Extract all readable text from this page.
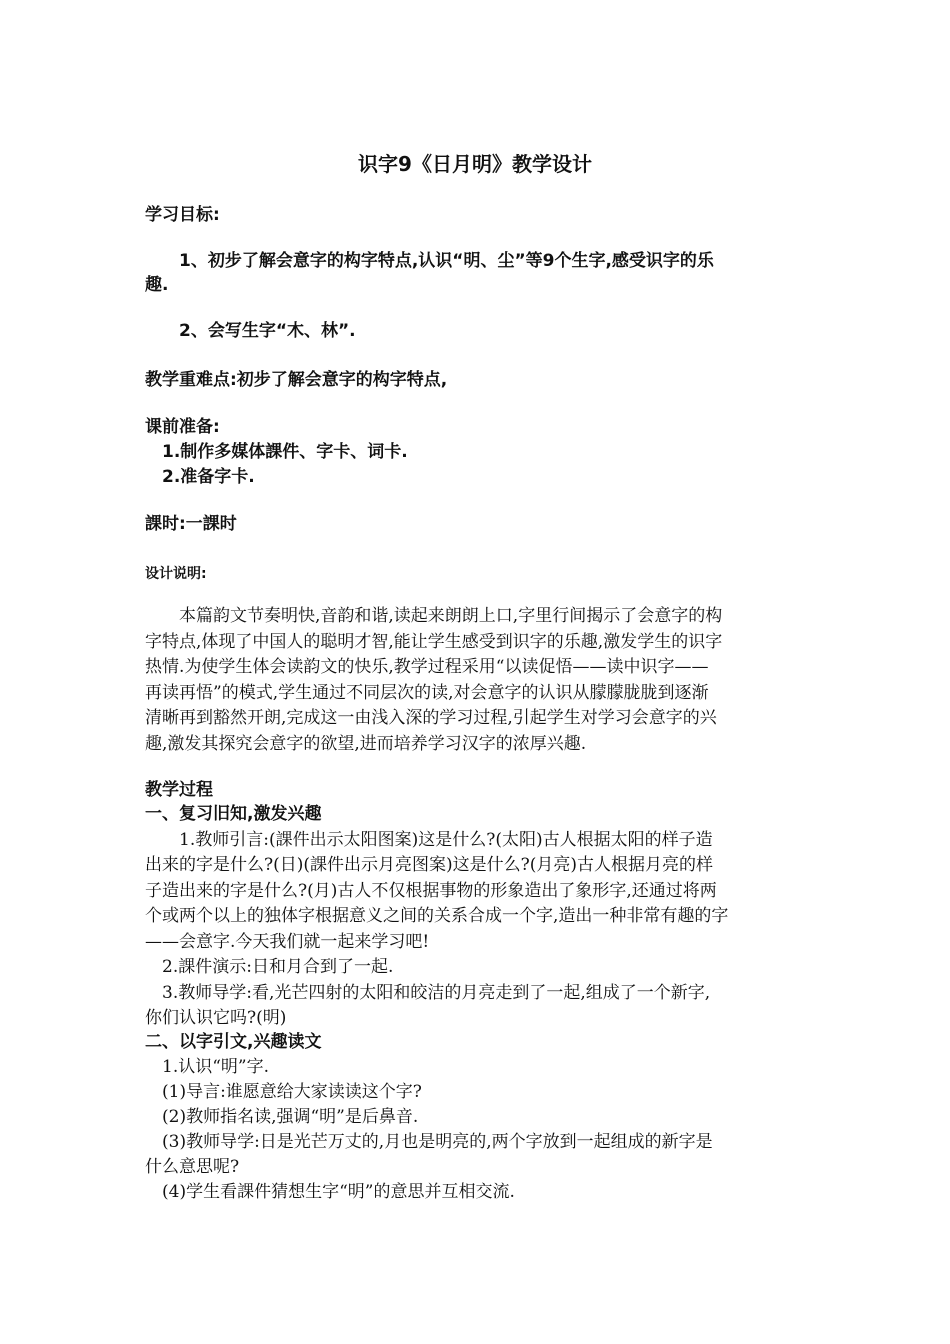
识字9《日月明》教学设计
学习目标:
1、初步了解会意字的构字特点,认识“明、尘”等9个生字,感受识字的乐
趣.
2、会写生字“木、林”.
教学重难点:初步了解会意字的构字特点,
课前准备:
1.制作多媒体課件、字卡、词卡.
2.准备字卡.
課时:一課时
设计说明:
本篇韵文节奏明快,音韵和谐,读起来朗朗上口,字里行间揭示了会意字的构
字特点,体现了中国人的聪明才智,能让学生感受到识字的乐趣,激发学生的识字
热情.为使学生体会读韵文的快乐,教学过程采用“以读促悟——读中识字——
再读再悟”的模式,学生通过不同层次的读,对会意字的认识从朦朦胧胧到逐渐
清晰再到豁然开朗,完成这一由浅入深的学习过程,引起学生对学习会意字的兴
趣,激发其探究会意字的欲望,进而培养学习汉字的浓厚兴趣.
教学过程
一、复习旧知,激发兴趣
1.教师引言:(課件出示太阳图案)这是什么?(太阳)古人根据太阳的样子造
出来的字是什么?(日)(課件出示月亮图案)这是什么?(月亮)古人根据月亮的样
子造出来的字是什么?(月)古人不仅根据事物的形象造出了象形字,还通过将两
个或两个以上的独体字根据意义之间的关系合成一个字,造出一种非常有趣的字
——会意字.今天我们就一起来学习吧!
2.課件演示:日和月合到了一起.
3.教师导学:看,光芒四射的太阳和皎洁的月亮走到了一起,组成了一个新字,
你们认识它吗?(明)
二、以字引文,兴趣读文
1.认识“明”字.
(1)导言:谁愿意给大家读读这个字?
(2)教师指名读,强调“明”是后鼻音.
(3)教师导学:日是光芒万丈的,月也是明亮的,两个字放到一起组成的新字是
什么意思呢?
(4)学生看課件猜想生字“明”的意思并互相交流.
